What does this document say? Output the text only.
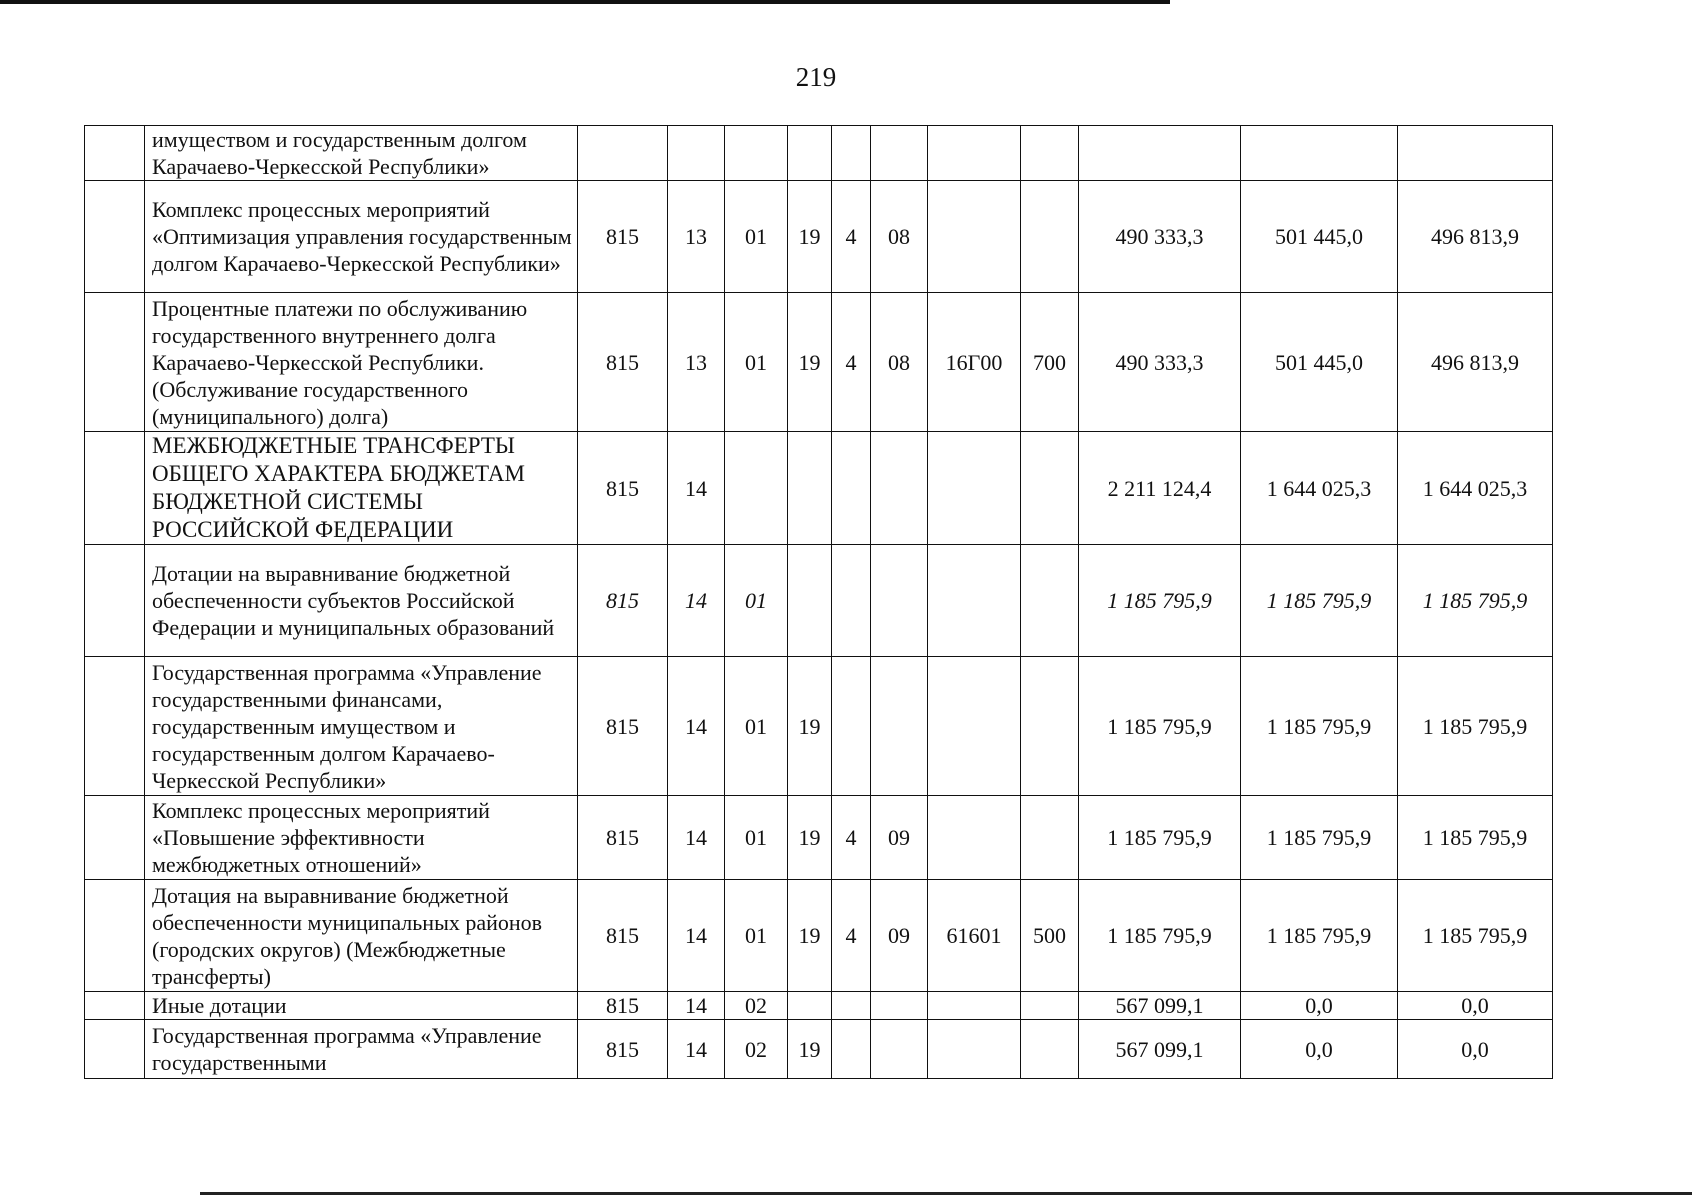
219
	имуществом и государственным долгом Карачаево-Черкесской Республики»											
	Комплекс процессных мероприятий «Оптимизация управления государственным долгом Карачаево-Черкесской Республики»	815	13	01	19	4	08			490 333,3	501 445,0	496 813,9
	Процентные платежи по обслуживанию государственного внутреннего долга Карачаево-Черкесской Республики. (Обслуживание государственного (муниципального) долга)	815	13	01	19	4	08	16Г00	700	490 333,3	501 445,0	496 813,9
	МЕЖБЮДЖЕТНЫЕ ТРАНСФЕРТЫ ОБЩЕГО ХАРАКТЕРА БЮДЖЕТАМ БЮДЖЕТНОЙ СИСТЕМЫ РОССИЙСКОЙ ФЕДЕРАЦИИ	815	14							2 211 124,4	1 644 025,3	1 644 025,3
	Дотации на выравнивание бюджетной обеспеченности субъектов Российской Федерации и муниципальных образований	815	14	01						1 185 795,9	1 185 795,9	1 185 795,9
	Государственная программа «Управление государственными финансами, государственным имуществом и государственным долгом Карачаево-Черкесской Республики»	815	14	01	19					1 185 795,9	1 185 795,9	1 185 795,9
	Комплекс процессных мероприятий «Повышение эффективности межбюджетных отношений»	815	14	01	19	4	09			1 185 795,9	1 185 795,9	1 185 795,9
	Дотация на выравнивание бюджетной обеспеченности муниципальных районов (городских округов) (Межбюджетные трансферты)	815	14	01	19	4	09	61601	500	1 185 795,9	1 185 795,9	1 185 795,9
	Иные дотации	815	14	02						567 099,1	0,0	0,0
	Государственная программа «Управление государственными	815	14	02	19					567 099,1	0,0	0,0
